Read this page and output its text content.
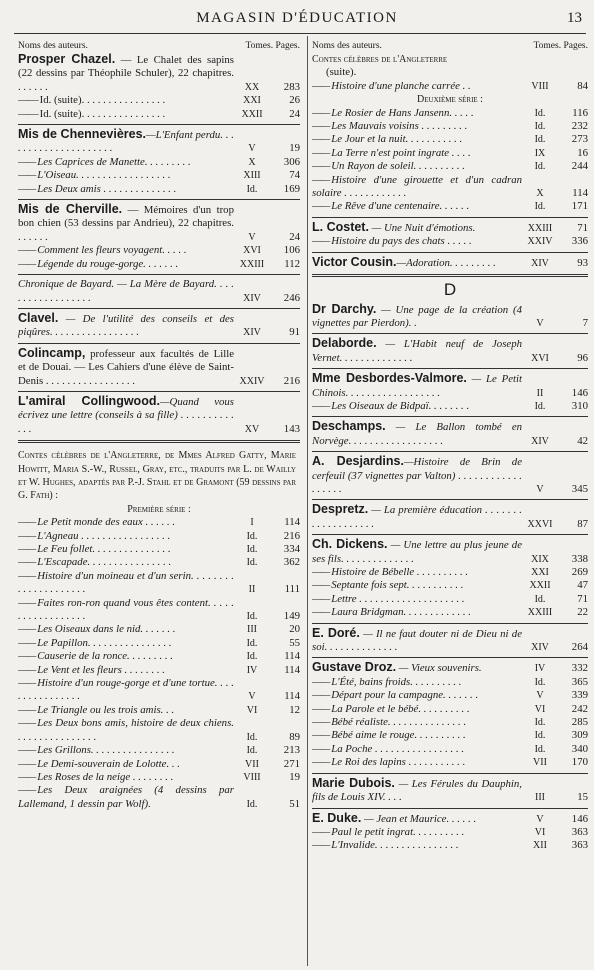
MAGASIN D'ÉDUCATION	13
Noms des auteurs.	Tomes. Pages.
Prosper Chazel. — Le Chalet des sapins (22 dessins par Théophile Schuler), 22 chapitres. . . . . . .	XX	283
—— Id. (suite). . . . . . . . . . . . . . . .	XXI	26
—— Id. (suite). . . . . . . . . . . . . . . .	XXII	24
Mis de Chennevières.—L'Enfant perdu. . . . . . . . . . . . . . . . . . . . .	V	19
—— Les Caprices de Manette. . . . . . . . .	X	306
—— L'Oiseau. . . . . . . . . . . . . . . . . .	XIII	74
—— Les Deux amis . . . . . . . . . . . . . .	Id.	169
Mis de Cherville. — Mémoires d'un trop bon chien (53 dessins par Andrieu), 22 chapitres. . . . . . .	V	24
—— Comment les fleurs voyagent. . . . .	XVI	106
—— Légende du rouge-gorge. . . . . . .	XXIII	112
Chronique de Bayard. — La Mère de Bayard. . . . . . . . . . . . . . . . . .	XIV	246
Clavel. — De l'utilité des conseils et des piqûres. . . . . . . . . . . . . . . . .	XIV	91
Colincamp, professeur aux facultés de Lille et de Douai. — Les Cahiers d'une élève de Saint-Denis . . . . . . . . . . . . . . . . .	XXIV	216
L'amiral Collingwood.—Quand vous écrivez une lettre (conseils à sa fille) . . . . . . . . . . . . .	XV	143
Contes célèbres de l'Angleterre, de Mmes Alfred Gatty, Marie Howitt, Maria S.-W., Russel, Gray, etc., traduits par L. de Wailly et W. Hughes, adaptés par P.-J. Stahl et de Gramont (59 dessins par G. Fath) :
Première série :
—— Le Petit monde des eaux . . . . . .	I	114
—— L'Agneau . . . . . . . . . . . . . . . . .	Id.	216
—— Le Feu follet. . . . . . . . . . . . . . .	Id.	334
—— L'Escapade. . . . . . . . . . . . . . . .	Id.	362
—— Histoire d'un moineau et d'un serin. . . . . . . . . . . . . . . . . . . . .	II	111
—— Faites ron-ron quand vous êtes content. . . . . . . . . . . . . . . . . .	Id.	149
—— Les Oiseaux dans le nid. . . . . . .	III	20
—— Le Papillon. . . . . . . . . . . . . . . .	Id.	55
—— Causerie de la ronce. . . . . . . . .	Id.	114
—— Le Vent et les fleurs . . . . . . . .	IV	114
—— Histoire d'un rouge-gorge et d'une tortue. . . . . . . . . . . . . . . .	V	114
—— Le Triangle ou les trois amis. . .	VI	12
—— Les Deux bons amis, histoire de deux chiens. . . . . . . . . . . . . . . .	Id.	89
—— Les Grillons. . . . . . . . . . . . . . . .	Id.	213
—— Le Demi-souverain de Lolotte. . .	VII	271
—— Les Roses de la neige . . . . . . . .	VIII	19
—— Les Deux araignées (4 dessins par Lallemand, 1 dessin par Wolf).	Id.	51
Noms des auteurs.	Tomes. Pages.
Contes célèbres de l'Angleterre
(suite).
—— Histoire d'une planche carrée . .	VIII	84
Deuxième série :
—— Le Rosier de Hans Jansenn. . . . .	Id.	116
—— Les Mauvais voisins . . . . . . . . .	Id.	232
—— Le Jour et la nuit. . . . . . . . . . .	Id.	273
—— La Terre n'est point ingrate . . . .	IX	16
—— Un Rayon de soleil. . . . . . . . . .	Id.	244
—— Histoire d'une girouette et d'un cadran solaire . . . . . . . . . . . .	X	114
—— Le Rêve d'une centenaire. . . . . .	Id.	171
L. Costet. — Une Nuit d'émotions.	XXIII	71
—— Histoire du pays des chats . . . . .	XXIV	336
Victor Cousin.—Adoration. . . . . . . . .	XIV	93
D
Dr Darchy. — Une page de la création (4 vignettes par Pierdon). .	V	7
Delaborde. — L'Habit neuf de Joseph Vernet. . . . . . . . . . . . . .	XVI	96
Mme Desbordes-Valmore. — Le Petit Chinois. . . . . . . . . . . . . . . . . .	II	146
—— Les Oiseaux de Bidpaï. . . . . . . .	Id.	310
Deschamps. — Le Ballon tombé en Norvège. . . . . . . . . . . . . . . . . .	XIV	42
A. Desjardins.—Histoire de Brin de cerfeuil (37 vignettes par Valton) . . . . . . . . . . . . . . . . . .	V	345
Despretz. — La première éducation . . . . . . . . . . . . . . . . . . .	XXVI	87
Ch. Dickens. — Une lettre au plus jeune de ses fils. . . . . . . . . . . . . .	XIX	338
—— Histoire de Bébelle . . . . . . . . . .	XXI	269
—— Septante fois sept. . . . . . . . . . .	XXII	47
—— Lettre . . . . . . . . . . . . . . . . . . . .	Id.	71
—— Laura Bridgman. . . . . . . . . . . . .	XXIII	22
E. Doré. — Il ne faut douter ni de Dieu ni de soi. . . . . . . . . . . . . .	XIV	264
Gustave Droz. — Vieux souvenirs.	IV	332
—— L'Été, bains froids. . . . . . . . . .	Id.	365
—— Départ pour la campagne. . . . . . .	V	339
—— La Parole et le bébé. . . . . . . . . .	VI	242
—— Bébé réaliste. . . . . . . . . . . . . . .	Id.	285
—— Bébé aime le rouge. . . . . . . . . .	Id.	309
—— La Poche . . . . . . . . . . . . . . . . .	Id.	340
—— Le Roi des lapins . . . . . . . . . . .	VII	170
Marie Dubois. — Les Férules du Dauphin, fils de Louis XIV. . . .	III	15
E. Duke. — Jean et Maurice. . . . . .	V	146
—— Paul le petit ingrat. . . . . . . . . .	VI	363
—— L'Invalide. . . . . . . . . . . . . . . .	XII	363
